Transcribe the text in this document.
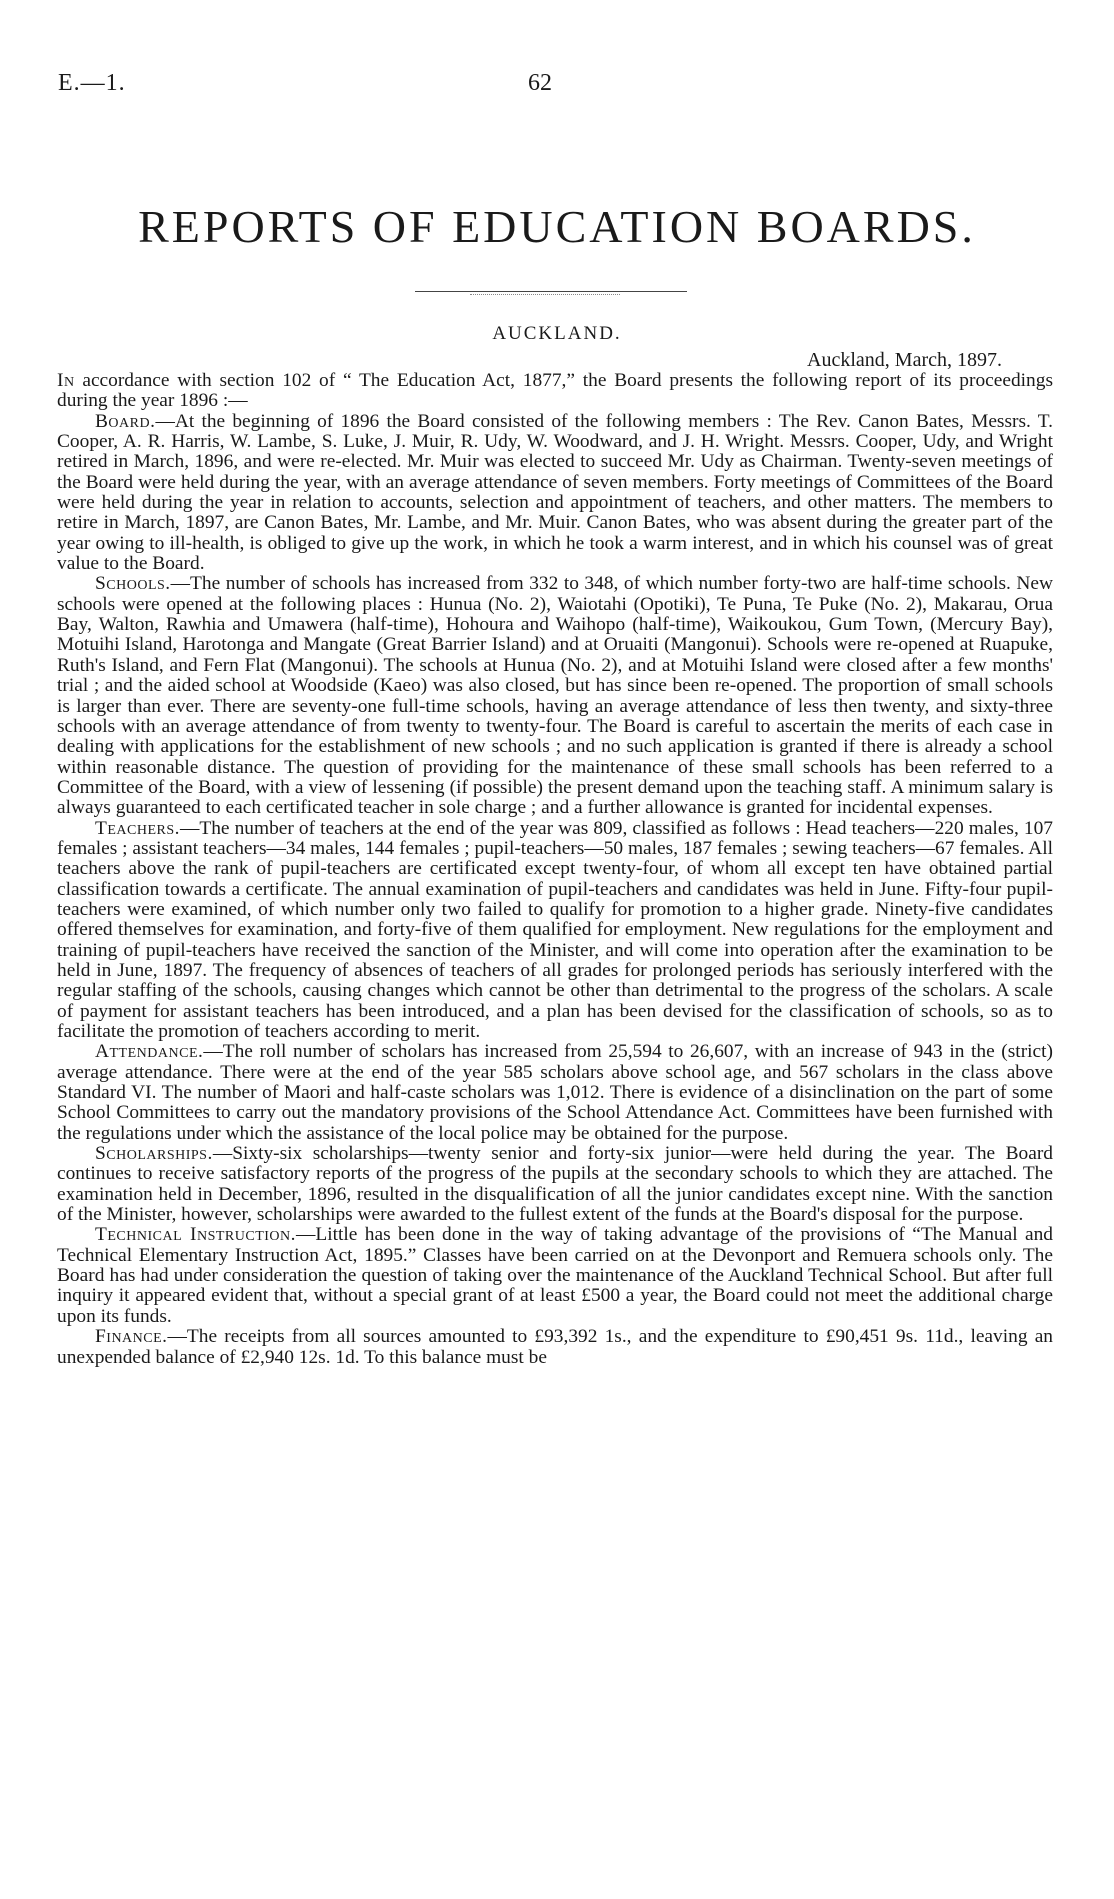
E.—1.	62
REPORTS OF EDUCATION BOARDS.
AUCKLAND.
Auckland, March, 1897.

In accordance with section 102 of “ The Education Act, 1877,” the Board presents the following report of its proceedings during the year 1896 :—

Board.—At the beginning of 1896 the Board consisted of the following members : The Rev. Canon Bates, Messrs. T. Cooper, A. R. Harris, W. Lambe, S. Luke, J. Muir, R. Udy, W. Woodward, and J. H. Wright. Messrs. Cooper, Udy, and Wright retired in March, 1896, and were re-elected. Mr. Muir was elected to succeed Mr. Udy as Chairman. Twenty-seven meetings of the Board were held during the year, with an average attendance of seven members. Forty meetings of Committees of the Board were held during the year in relation to accounts, selection and appointment of teachers, and other matters. The members to retire in March, 1897, are Canon Bates, Mr. Lambe, and Mr. Muir. Canon Bates, who was absent during the greater part of the year owing to ill-health, is obliged to give up the work, in which he took a warm interest, and in which his counsel was of great value to the Board.

Schools.—The number of schools has increased from 332 to 348, of which number forty-two are half-time schools. New schools were opened at the following places : Hunua (No. 2), Waiotahi (Opotiki), Te Puna, Te Puke (No. 2), Makarau, Orua Bay, Walton, Rawhia and Umawera (half-time), Hohoura and Waihopo (half-time), Waikoukou, Gum Town, (Mercury Bay), Motuihi Island, Harotonga and Mangate (Great Barrier Island) and at Oruaiti (Mangonui). Schools were re-opened at Ruapuke, Ruth's Island, and Fern Flat (Mangonui). The schools at Hunua (No. 2), and at Motuihi Island were closed after a few months' trial ; and the aided school at Woodside (Kaeo) was also closed, but has since been re-opened. The proportion of small schools is larger than ever. There are seventy-one full-time schools, having an average attendance of less then twenty, and sixty-three schools with an average attendance of from twenty to twenty-four. The Board is careful to ascertain the merits of each case in dealing with applications for the establishment of new schools ; and no such application is granted if there is already a school within reasonable distance. The question of providing for the maintenance of these small schools has been referred to a Committee of the Board, with a view of lessening (if possible) the present demand upon the teaching staff. A minimum salary is always guaranteed to each certificated teacher in sole charge ; and a further allowance is granted for incidental expenses.

Teachers.—The number of teachers at the end of the year was 809, classified as follows : Head teachers—220 males, 107 females ; assistant teachers—34 males, 144 females ; pupil-teachers—50 males, 187 females ; sewing teachers—67 females. All teachers above the rank of pupil-teachers are certificated except twenty-four, of whom all except ten have obtained partial classification towards a certificate. The annual examination of pupil-teachers and candidates was held in June. Fifty-four pupil-teachers were examined, of which number only two failed to qualify for promotion to a higher grade. Ninety-five candidates offered themselves for examination, and forty-five of them qualified for employment. New regulations for the employment and training of pupil-teachers have received the sanction of the Minister, and will come into operation after the examination to be held in June, 1897. The frequency of absences of teachers of all grades for prolonged periods has seriously interfered with the regular staffing of the schools, causing changes which cannot be other than detrimental to the progress of the scholars. A scale of payment for assistant teachers has been introduced, and a plan has been devised for the classification of schools, so as to facilitate the promotion of teachers according to merit.

Attendance.—The roll number of scholars has increased from 25,594 to 26,607, with an increase of 943 in the (strict) average attendance. There were at the end of the year 585 scholars above school age, and 567 scholars in the class above Standard VI. The number of Maori and half-caste scholars was 1,012. There is evidence of a disinclination on the part of some School Committees to carry out the mandatory provisions of the School Attendance Act. Committees have been furnished with the regulations under which the assistance of the local police may be obtained for the purpose.

Scholarships.—Sixty-six scholarships—twenty senior and forty-six junior—were held during the year. The Board continues to receive satisfactory reports of the progress of the pupils at the secondary schools to which they are attached. The examination held in December, 1896, resulted in the disqualification of all the junior candidates except nine. With the sanction of the Minister, however, scholarships were awarded to the fullest extent of the funds at the Board's disposal for the purpose.

Technical Instruction.—Little has been done in the way of taking advantage of the provisions of “The Manual and Technical Elementary Instruction Act, 1895.” Classes have been carried on at the Devonport and Remuera schools only. The Board has had under consideration the question of taking over the maintenance of the Auckland Technical School. But after full inquiry it appeared evident that, without a special grant of at least £500 a year, the Board could not meet the additional charge upon its funds.

Finance.—The receipts from all sources amounted to £93,392 1s., and the expenditure to £90,451 9s. 11d., leaving an unexpended balance of £2,940 12s. 1d. To this balance must be
